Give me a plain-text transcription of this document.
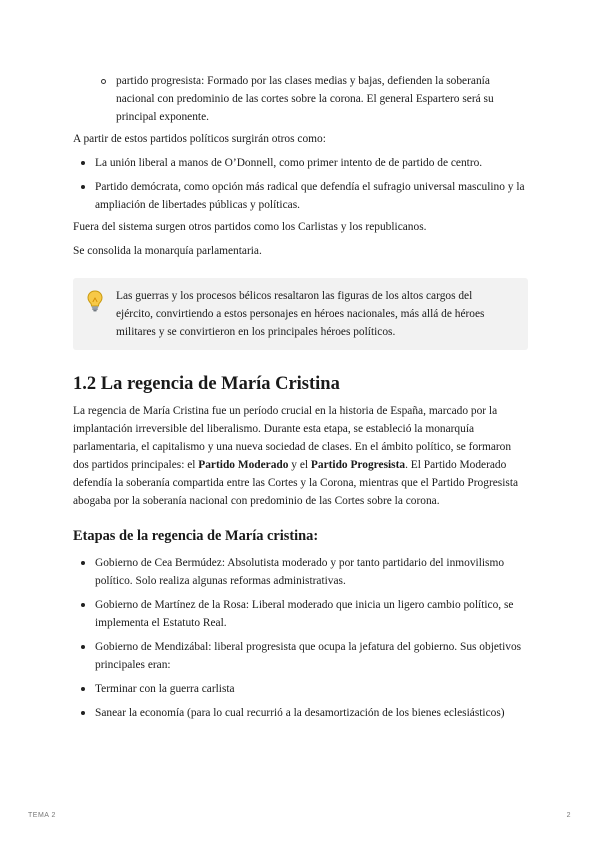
partido progresista: Formado por las clases medias y bajas, defienden la soberanía nacional con predominio de las cortes sobre la corona. El general Espartero será su principal exponente.

A partir de estos partidos políticos surgirán otros como:

La unión liberal a manos de O’Donnell, como primer intento de de partido de centro.
Partido demócrata, como opción más radical que defendía el sufragio universal masculino y la ampliación de libertades públicas y políticas.

Fuera del sistema surgen otros partidos como los Carlistas y los republicanos.

Se consolida la monarquía parlamentaria.

Las guerras y los procesos bélicos resaltaron las figuras de los altos cargos del ejército, convirtiendo a estos personajes en héroes nacionales, más allá de héroes militares y se convirtieron en los principales héroes políticos.

1.2 La regencia de María Cristina

La regencia de María Cristina fue un período crucial en la historia de España, marcado por la implantación irreversible del liberalismo. Durante esta etapa, se estableció la monarquía parlamentaria, el capitalismo y una nueva sociedad de clases. En el ámbito político, se formaron dos partidos principales: el Partido Moderado y el Partido Progresista. El Partido Moderado defendía la soberanía compartida entre las Cortes y la Corona, mientras que el Partido Progresista abogaba por la soberanía nacional con predominio de las Cortes sobre la corona.

Etapas de la regencia de María cristina:
Gobierno de Cea Bermúdez: Absolutista moderado y por tanto partidario del inmovilismo político. Solo realiza algunas reformas administrativas.
Gobierno de Martínez de la Rosa: Liberal moderado que inicia un ligero cambio político, se implementa el Estatuto Real.
Gobierno de Mendizábal: liberal progresista que ocupa la jefatura del gobierno. Sus objetivos principales eran:
Terminar con la guerra carlista
Sanear la economía (para lo cual recurrió a la desamortización de los bienes eclesiásticos)
TEMA 2	2
